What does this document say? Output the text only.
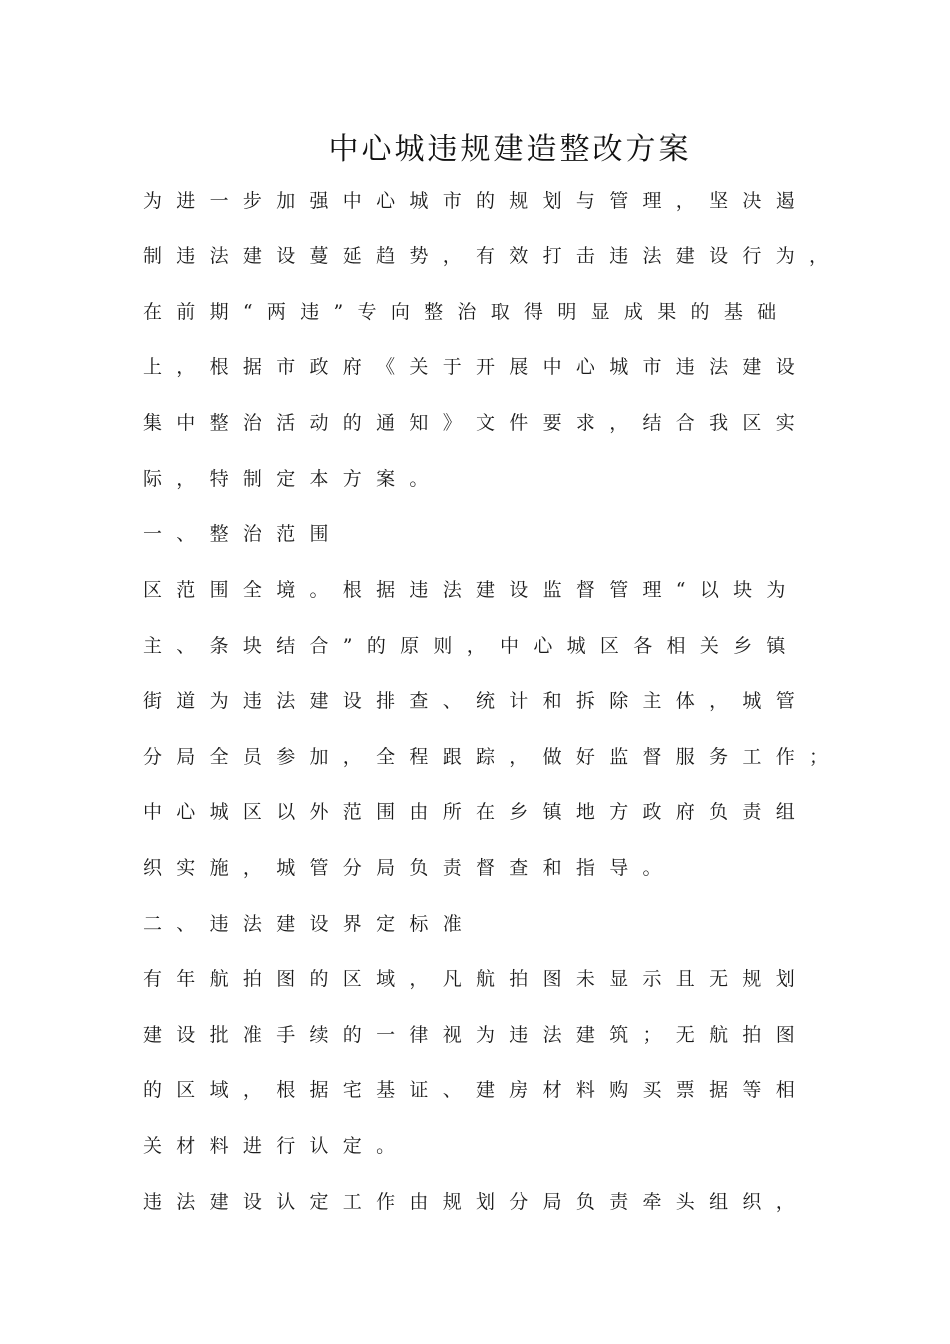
中心城违规建造整改方案
为进一步加强中心城市的规划与管理，坚决遏
制违法建设蔓延趋势，有效打击违法建设行为，
在前期“两违”专向整治取得明显成果的基础
上，根据市政府《关于开展中心城市违法建设
集中整治活动的通知》文件要求，结合我区实
际，特制定本方案。
一、整治范围
区范围全境。根据违法建设监督管理“以块为
主、条块结合”的原则，中心城区各相关乡镇
街道为违法建设排查、统计和拆除主体，城管
分局全员参加，全程跟踪，做好监督服务工作；
中心城区以外范围由所在乡镇地方政府负责组
织实施，城管分局负责督查和指导。
二、违法建设界定标准
有年航拍图的区域，凡航拍图未显示且无规划
建设批准手续的一律视为违法建筑；无航拍图
的区域，根据宅基证、建房材料购买票据等相
关材料进行认定。
违法建设认定工作由规划分局负责牵头组织，
